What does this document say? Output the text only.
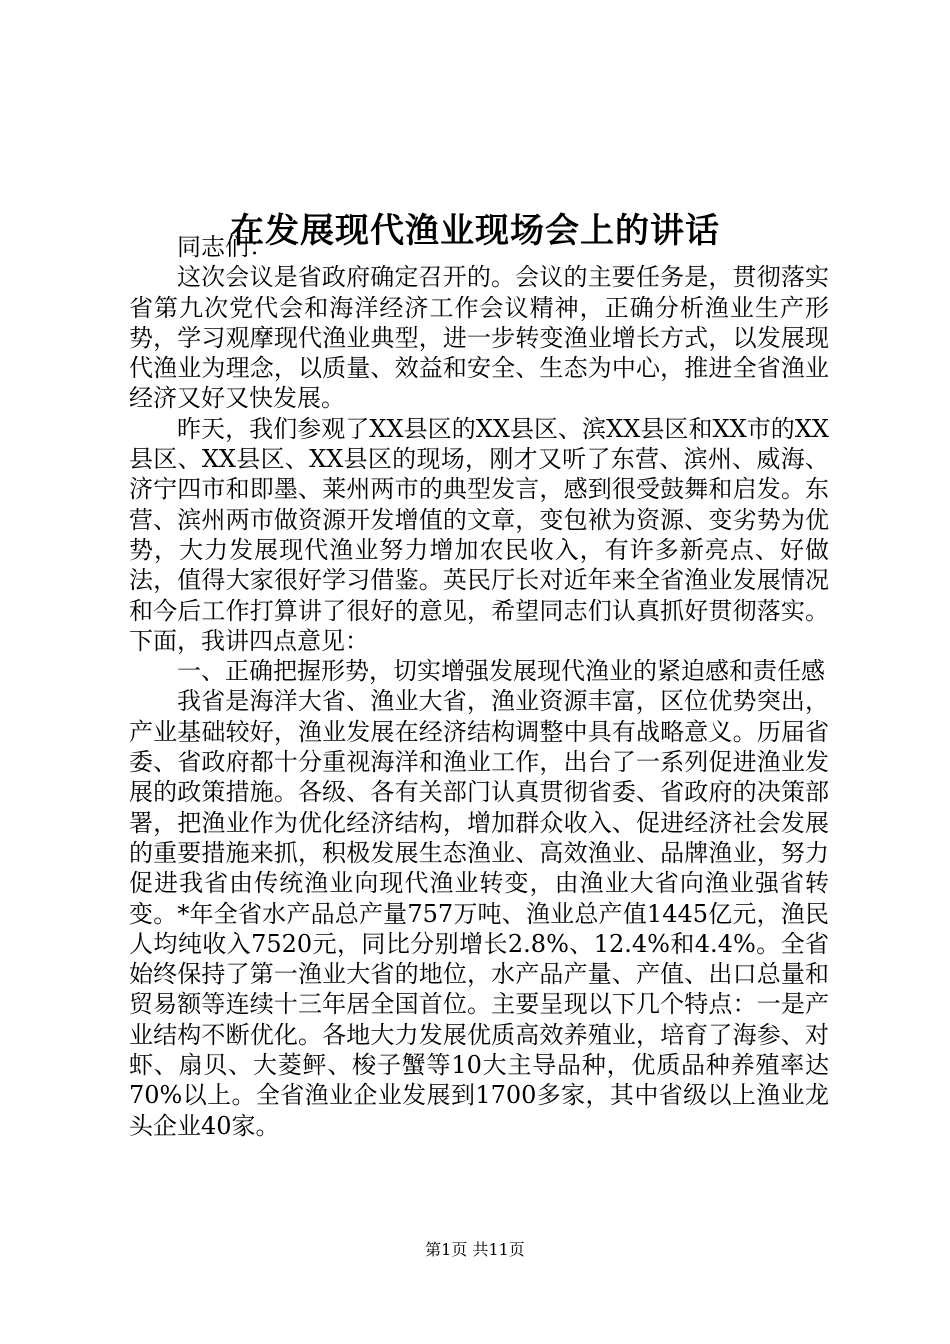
在发展现代渔业现场会上的讲话

同志们：

这次会议是省政府确定召开的。会议的主要任务是，贯彻落实省第九次党代会和海洋经济工作会议精神，正确分析渔业生产形势，学习观摩现代渔业典型，进一步转变渔业增长方式，以发展现代渔业为理念，以质量、效益和安全、生态为中心，推进全省渔业经济又好又快发展。

昨天，我们参观了XX县区的XX县区、滨XX县区和XX市的XX县区、XX县区、XX县区的现场，刚才又听了东营、滨州、威海、济宁四市和即墨、莱州两市的典型发言，感到很受鼓舞和启发。东营、滨州两市做资源开发增值的文章，变包袱为资源、变劣势为优势，大力发展现代渔业努力增加农民收入，有许多新亮点、好做法，值得大家很好学习借鉴。英民厅长对近年来全省渔业发展情况和今后工作打算讲了很好的意见，希望同志们认真抓好贯彻落实。下面，我讲四点意见：

一、正确把握形势，切实增强发展现代渔业的紧迫感和责任感

我省是海洋大省、渔业大省，渔业资源丰富，区位优势突出，产业基础较好，渔业发展在经济结构调整中具有战略意义。历届省委、省政府都十分重视海洋和渔业工作，出台了一系列促进渔业发展的政策措施。各级、各有关部门认真贯彻省委、省政府的决策部署，把渔业作为优化经济结构，增加群众收入、促进经济社会发展的重要措施来抓，积极发展生态渔业、高效渔业、品牌渔业，努力促进我省由传统渔业向现代渔业转变，由渔业大省向渔业强省转变。*年全省水产品总产量757万吨、渔业总产值1445亿元，渔民人均纯收入7520元，同比分别增长2.8%、12.4%和4.4%。全省始终保持了第一渔业大省的地位，水产品产量、产值、出口总量和贸易额等连续十三年居全国首位。主要呈现以下几个特点：一是产业结构不断优化。各地大力发展优质高效养殖业，培育了海参、对虾、扇贝、大菱鲆、梭子蟹等10大主导品种，优质品种养殖率达70%以上。全省渔业企业发展到1700多家，其中省级以上渔业龙头企业40家。

第1页 共11页
